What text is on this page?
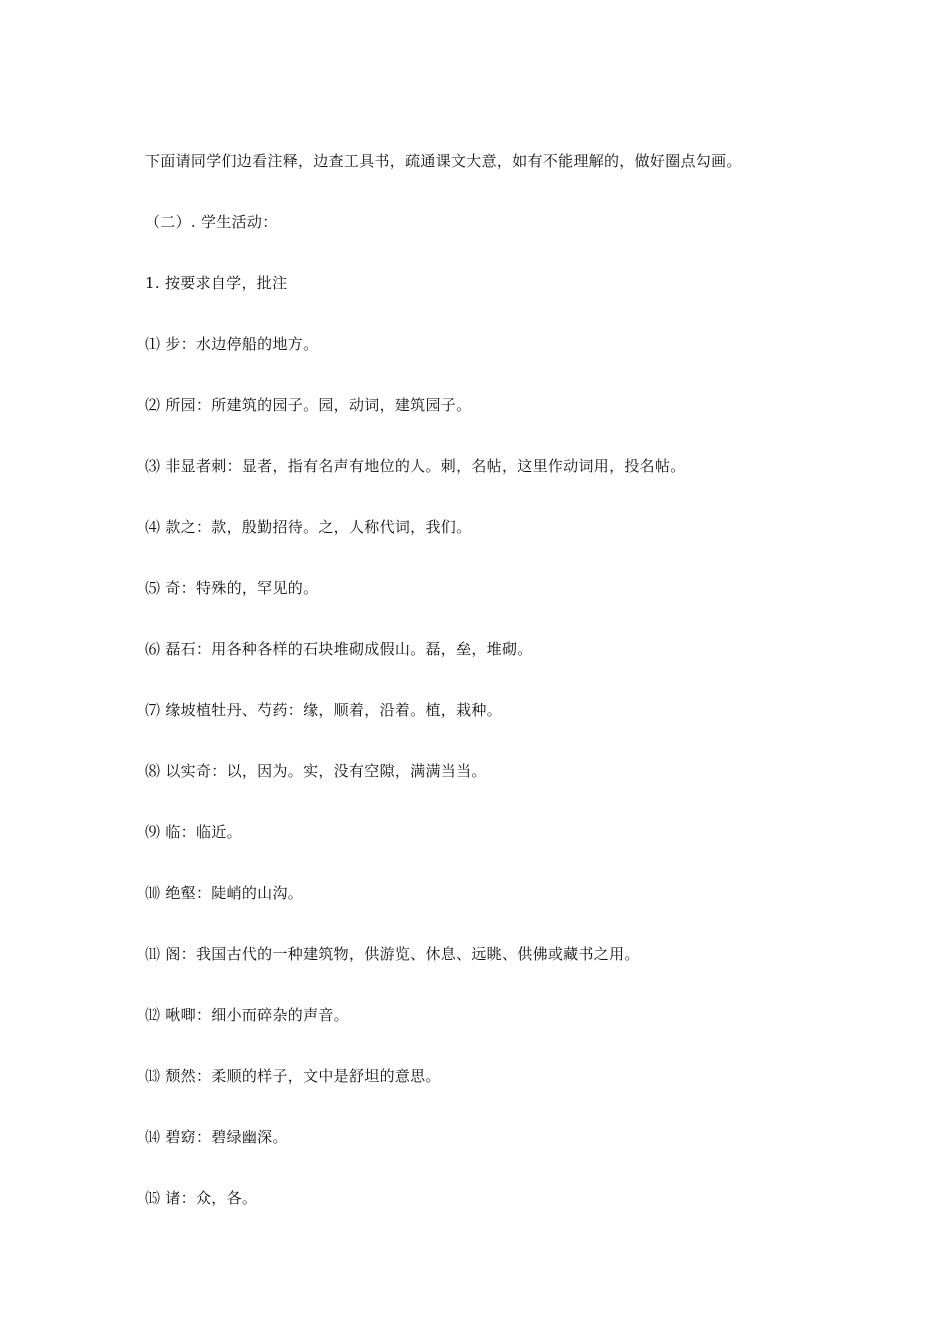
下面请同学们边看注释，边查工具书，疏通课文大意，如有不能理解的，做好圈点勾画。
（二）. 学生活动：
1. 按要求自学，批注
⑴ 步：水边停船的地方。
⑵ 所园：所建筑的园子。园，动词，建筑园子。
⑶ 非显者刺：显者，指有名声有地位的人。刺，名帖，这里作动词用，投名帖。
⑷ 款之：款，殷勤招待。之，人称代词，我们。
⑸ 奇：特殊的，罕见的。
⑹ 磊石：用各种各样的石块堆砌成假山。磊，垒，堆砌。
⑺ 缘坡植牡丹、芍药：缘，顺着，沿着。植，栽种。
⑻ 以实奇：以，因为。实，没有空隙，满满当当。
⑼ 临：临近。
⑽ 绝壑：陡峭的山沟。
⑾ 阁：我国古代的一种建筑物，供游览、休息、远眺、供佛或藏书之用。
⑿ 啾唧：细小而碎杂的声音。
⒀ 颓然：柔顺的样子，文中是舒坦的意思。
⒁ 碧窈：碧绿幽深。
⒂ 诸：众，各。
